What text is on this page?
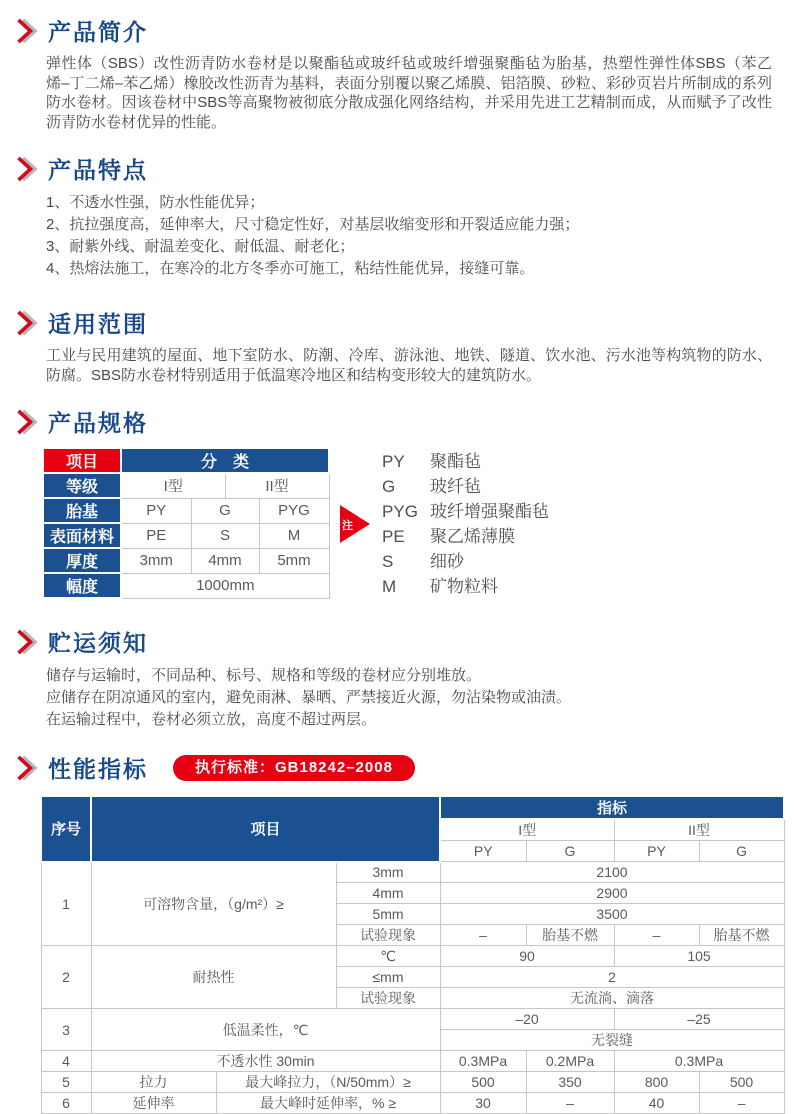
产品简介

弹性体（SBS）改性沥青防水卷材是以聚酯毡或玻纤毡或玻纤增强聚酯毡为胎基，热塑性弹性体SBS（苯乙烯–丁二烯–苯乙烯）橡胶改性沥青为基料，表面分别覆以聚乙烯膜、铝箔膜、砂粒、彩砂页岩片所制成的系列防水卷材。因该卷材中SBS等高聚物被彻底分散成强化网络结构，并采用先进工艺精制而成，从而赋予了改性沥青防水卷材优异的性能。

产品特点
1、不透水性强，防水性能优异；
2、抗拉强度高，延伸率大，尺寸稳定性好，对基层收缩变形和开裂适应能力强；
3、耐紫外线、耐温差变化、耐低温、耐老化；
4、热熔法施工，在寒冷的北方冬季亦可施工，粘结性能优异，接缝可靠。
适用范围

工业与民用建筑的屋面、地下室防水、防潮、冷库、游泳池、地铁、隧道、饮水池、污水池等构筑物的防水、防腐。SBS防水卷材特别适用于低温寒冷地区和结构变形较大的建筑防水。

产品规格
项目	分　类			
等级	I型		II型	
胎基	PY	G		PYG
表面材料	PE	S		M
厚度	3mm	4mm		5mm
幅度	1000mm			
注
PY	聚酯毡
G	玻纤毡
PYG 玻纤增强聚酯毡
PE	聚乙烯薄膜
S	细砂
M	矿物粒料
贮运须知
储存与运输时，不同品种、标号、规格和等级的卷材应分别堆放。
应储存在阴凉通风的室内，避免雨淋、暴晒、严禁接近火源，勿沾染物或油渍。
在运输过程中，卷材必须立放，高度不超过两层。
性能指标	执行标准：GB18242–2008
序号	项目			指标			
				I型		II型	
				PY	G	PY	G
1	可溶物含量，（g/m²）≥		3mm	2100			
			4mm	2900			
			5mm	3500			
			试验现象	–	胎基不燃	–	胎基不燃
2	耐热性		℃	90		105	
			≤mm	2			
			试验现象	无流淌、滴落			
3	低温柔性，℃			–20		–25	
				无裂缝			
4	不透水性 30min			0.3MPa	0.2MPa	0.3MPa	
5	拉力	最大峰拉力，（N/50mm）≥		500	350	800	500
6	延伸率	最大峰时延伸率，% ≥		30	–	40	–
